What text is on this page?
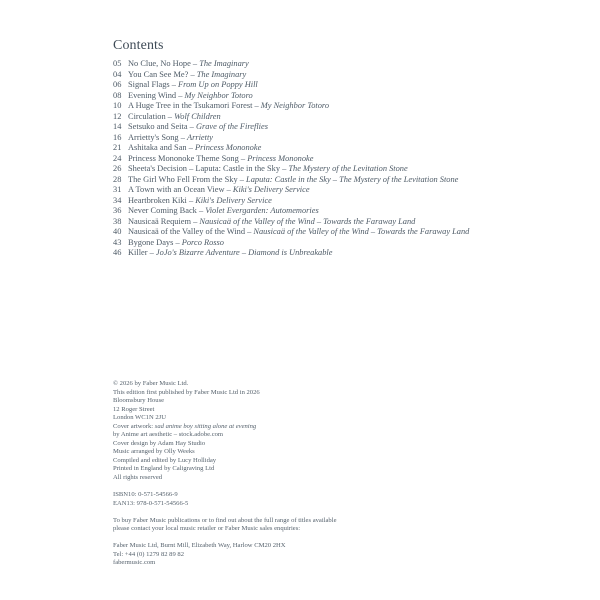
Contents
05 No Clue, No Hope – The Imaginary
04 You Can See Me? – The Imaginary
06 Signal Flags – From Up on Poppy Hill
08 Evening Wind – My Neighbor Totoro
10 A Huge Tree in the Tsukamori Forest – My Neighbor Totoro
12 Circulation – Wolf Children
14 Setsuko and Seita – Grave of the Fireflies
16 Arrietty's Song – Arrietty
21 Ashitaka and San – Princess Mononoke
24 Princess Mononoke Theme Song – Princess Mononoke
26 Sheeta's Decision – Laputa: Castle in the Sky – The Mystery of the Levitation Stone
28 The Girl Who Fell From the Sky – Laputa: Castle in the Sky – The Mystery of the Levitation Stone
31 A Town with an Ocean View – Kiki's Delivery Service
34 Heartbroken Kiki – Kiki's Delivery Service
36 Never Coming Back – Violet Evergarden: Automemories
38 Nausicaä Requiem – Nausicaä of the Valley of the Wind – Towards the Faraway Land
40 Nausicaä of the Valley of the Wind – Nausicaä of the Valley of the Wind – Towards the Faraway Land
43 Bygone Days – Porco Rosso
46 Killer – JoJo's Bizarre Adventure – Diamond is Unbreakable
© 2026 by Faber Music Ltd.
This edition first published by Faber Music Ltd in 2026
Bloomsbury House
12 Roger Street
London WC1N 2JU
Cover artwork: sad anime boy sitting alone at evening
by Anime art aesthetic – stock.adobe.com
Cover design by Adam Hay Studio
Music arranged by Olly Weeks
Compiled and edited by Lucy Holliday
Printed in England by Caligraving Ltd
All rights reserved
ISBN10: 0-571-54566-9
EAN13: 978-0-571-54566-5
To buy Faber Music publications or to find out about the full range of titles available
please contact your local music retailer or Faber Music sales enquiries:
Faber Music Ltd, Burnt Mill, Elizabeth Way, Harlow CM20 2HX
Tel: +44 (0) 1279 82 89 82
fabermusic.com
